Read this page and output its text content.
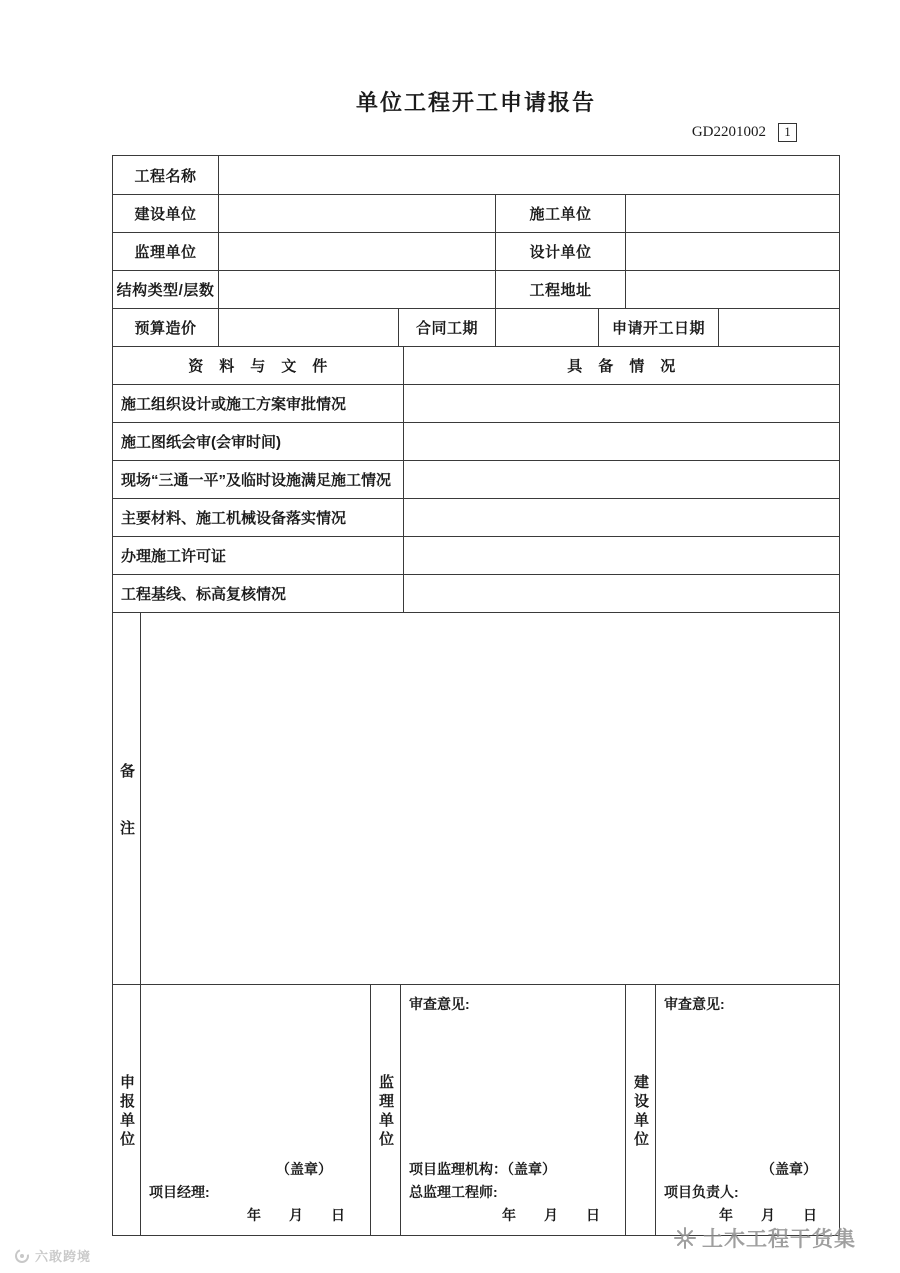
单位工程开工申请报告
GD2201002	1
工程名称
建设单位	施工单位
监理单位	设计单位
结构类型/层数	工程地址
预算造价	合同工期	申请开工日期
资　料　与　文　件	具　备　情　况
施工组织设计或施工方案审批情况
施工图纸会审(会审时间)
现场“三通一平”及临时设施满足施工情况
主要材料、施工机械设备落实情况
办理施工许可证
工程基线、标高复核情况
备注
申报单位
（盖章）
项目经理:
年　　月　　日
监理单位
审查意见:
项目监理机构：（盖章）
总监理工程师:
年　　月　　日
建设单位
审查意见:
（盖章）
项目负责人:
年　　月　　日
六敢跨境
土木工程干货集
